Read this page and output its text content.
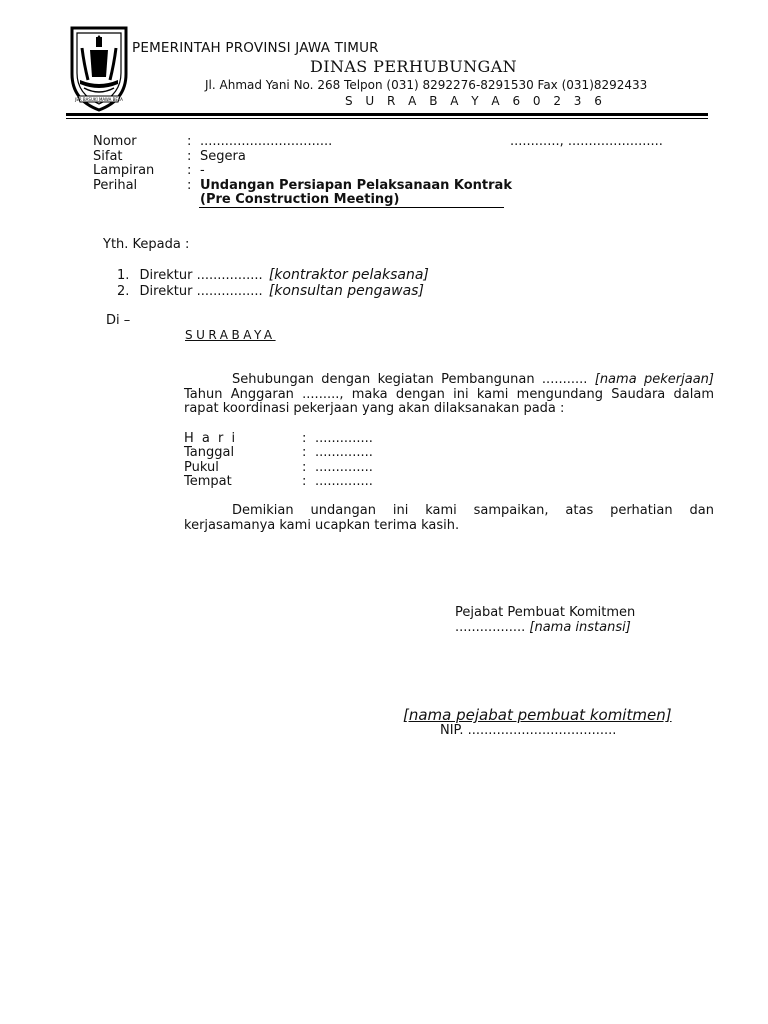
JER BASUKI MAWA BEYA
PEMERINTAH PROVINSI JAWA TIMUR
DINAS PERHUBUNGAN
Jl. Ahmad Yani No. 268 Telpon (031) 8292276-8291530 Fax (031)8292433
S U R A B A Y A 6 0 2 3 6
Nomor	: ................................	............, .......................
Sifat	: Segera
Lampiran	: -
Perihal	: Undangan Persiapan Pelaksanaan Kontrak
(Pre Construction Meeting)
Yth. Kepada :
1. Direktur ................ [kontraktor pelaksana]
2. Direktur ................ [konsultan pengawas]
Di –
SURABAYA

Sehubungan dengan kegiatan Pembangunan ........... [nama pekerjaan] Tahun Anggaran ........., maka dengan ini kami mengundang Saudara dalam rapat koordinasi pekerjaan yang akan dilaksanakan pada :

H a r i	: ..............
Tanggal	: ..............
Pukul	: ..............
Tempat	: ..............

Demikian undangan ini kami sampaikan, atas perhatian dan kerjasamanya kami ucapkan terima kasih.

Pejabat Pembuat Komitmen
................. [nama instansi]
[nama pejabat pembuat komitmen]
NIP. ....................................
